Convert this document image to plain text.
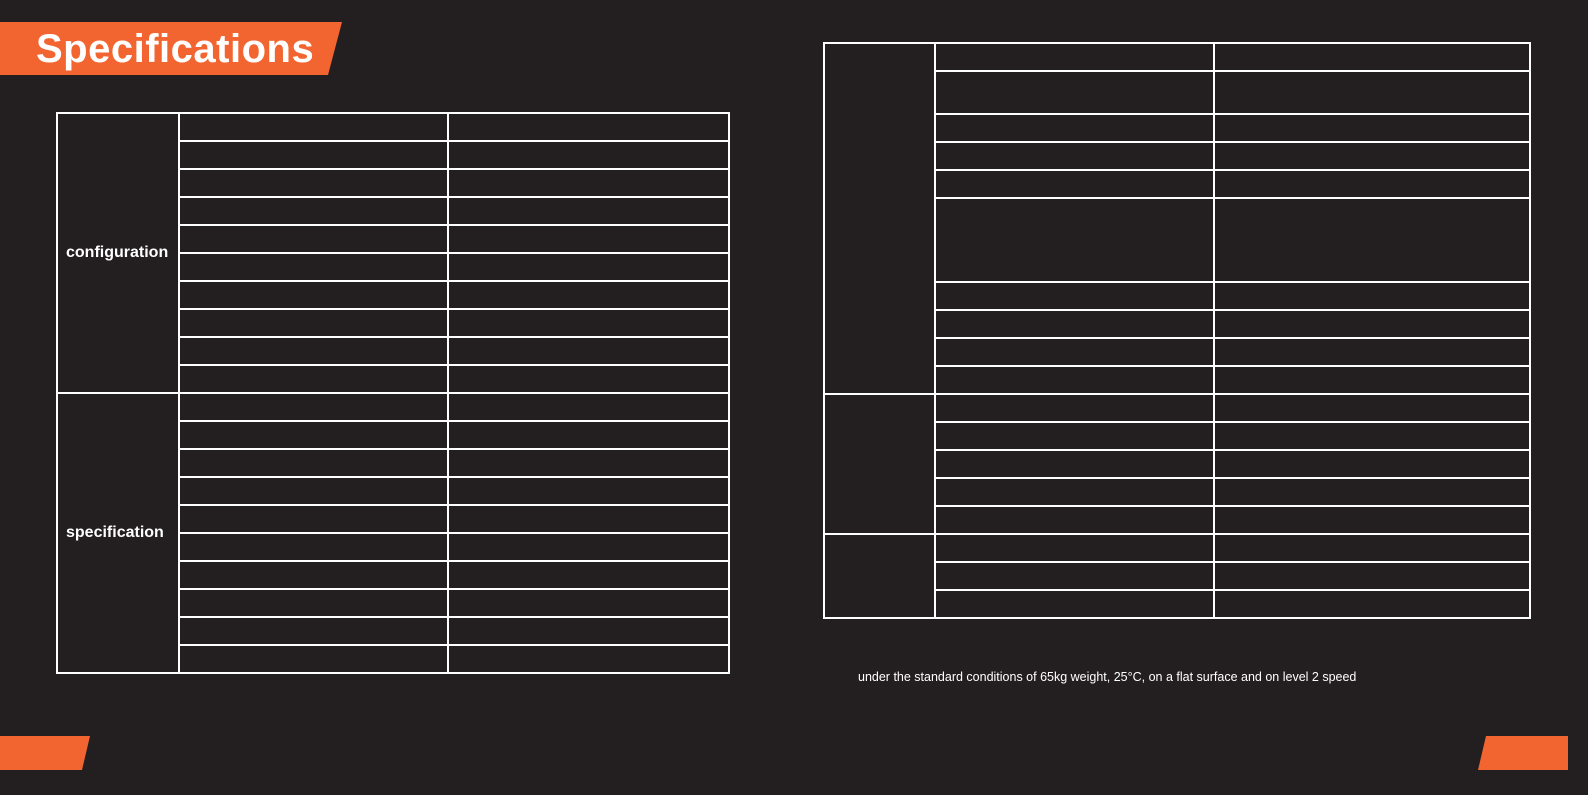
Specifications
configuration		

specification		

under the standard conditions of 65kg weight, 25°C, on a flat surface and on level 2 speed
